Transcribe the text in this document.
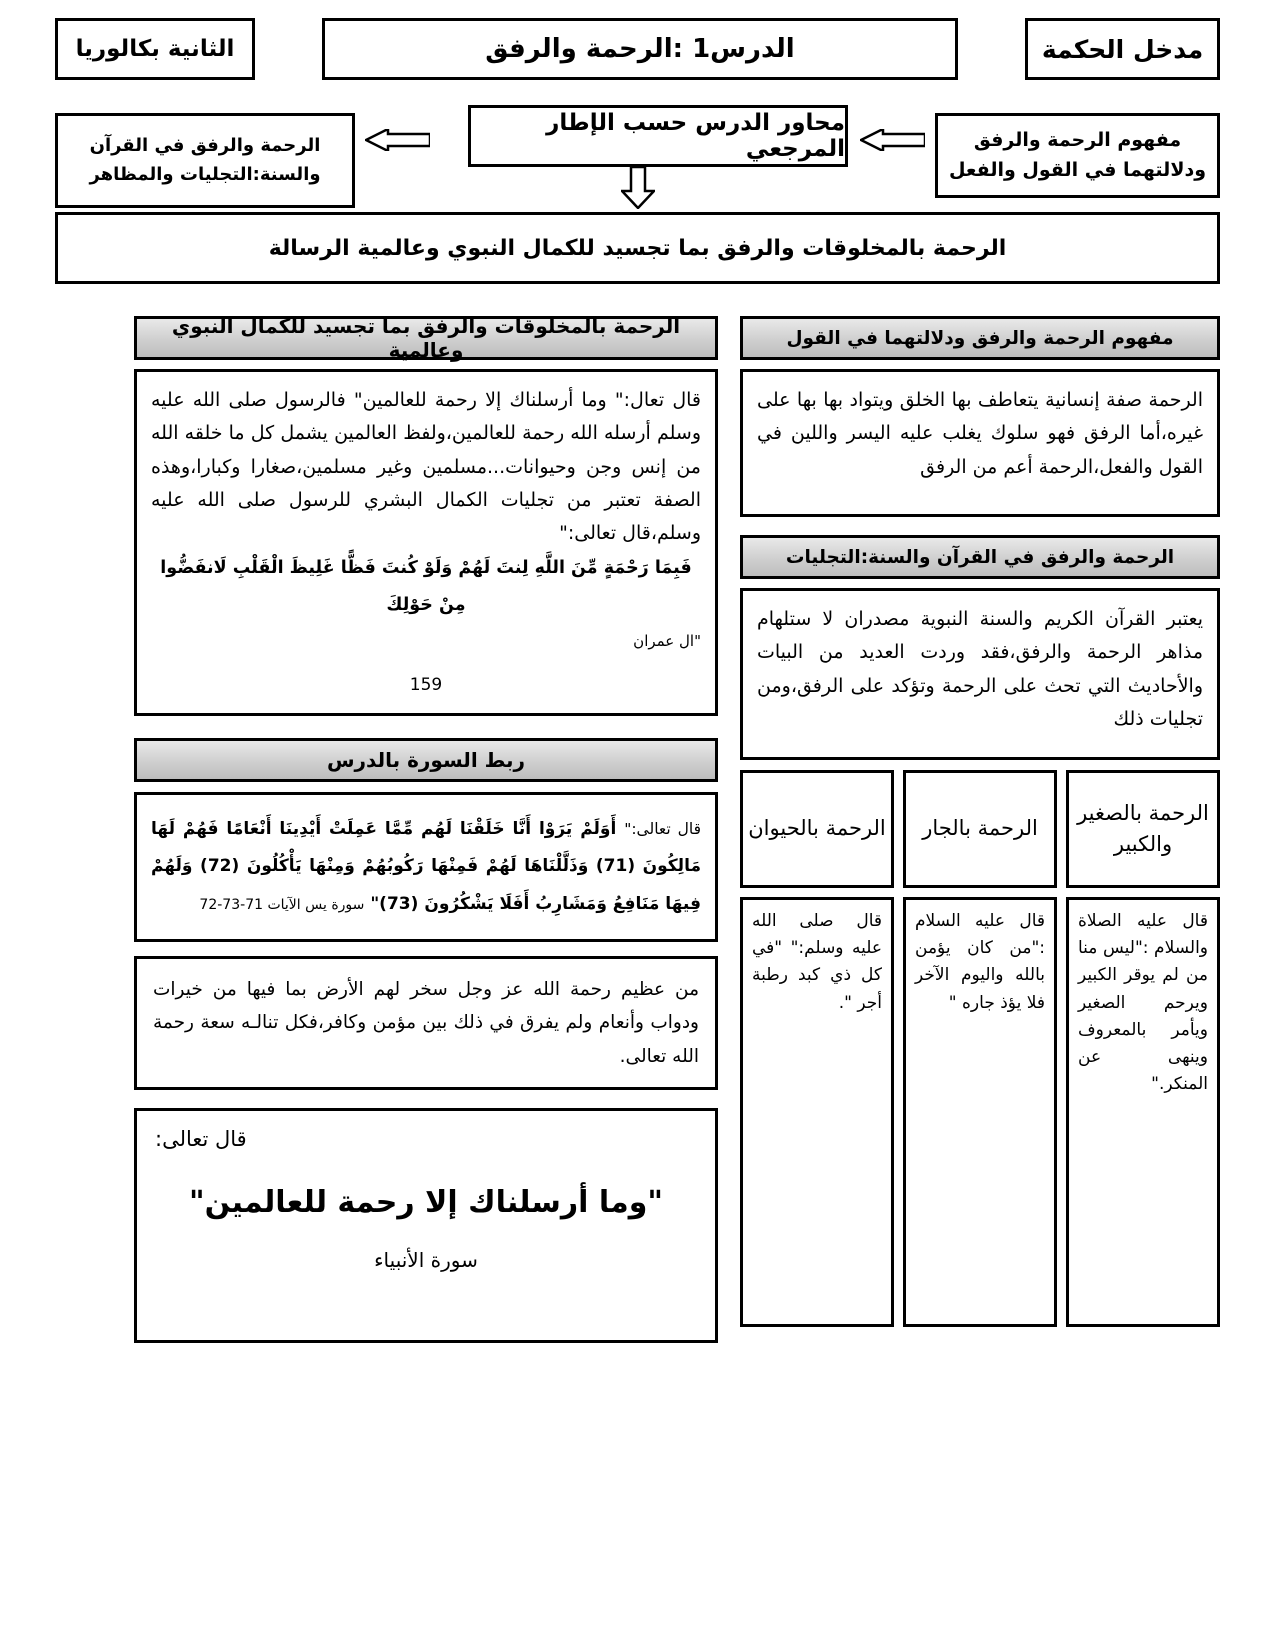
مدخل الحكمة
الدرس1 :الرحمة والرفق
الثانية بكالوريا
محاور الدرس حسب الإطار المرجعي	مفهوم الرحمة والرفق ودلالتهما في القول والفعل
الرحمة والرفق في القرآن والسنة:التجليات والمظاهر
الرحمة بالمخلوقات والرفق بما تجسيد للكمال النبوي وعالمية الرسالة
مفهوم الرحمة والرفق ودلالتهما في القول
الرحمة صفة إنسانية يتعاطف بها الخلق ويتواد بها بها على غيره،أما الرفق فهو سلوك يغلب عليه اليسر واللين في القول والفعل،الرحمة أعم من الرفق
الرحمة والرفق في القرآن والسنة:التجليات
يعتبر القرآن الكريم والسنة النبوية مصدران لا ستلهام مذاهر الرحمة والرفق،فقد وردت العديد من البيات والأحاديث التي تحث على الرحمة وتؤكد على الرفق،ومن تجليات ذلك
الرحمة بالصغير والكبير
قال عليه الصلاة والسلام :"ليس منا من لم يوقر الكبير ويرحم الصغير ويأمر بالمعروف وينهى عن المنكر."
الرحمة بالجار
قال عليه السلام :"من كان يؤمن بالله واليوم الآخر فلا يؤذ جاره "
الرحمة بالحيوان
قال صلى الله عليه وسلم:" "في كل ذي كبد رطبة أجر ".
الرحمة بالمخلوقات والرفق بما تجسيد للكمال النبوي وعالمية
قال تعال:" وما أرسلناك إلا رحمة للعالمين" فالرسول صلى الله عليه وسلم أرسله الله رحمة للعالمين،ولفظ العالمين يشمل كل ما خلقه الله من إنس وجن وحيوانات...مسلمين وغير مسلمين،صغارا وكبارا،وهذه الصفة تعتبر من تجليات الكمال البشري للرسول صلى الله عليه وسلم،قال تعالى:"
فَبِمَا رَحْمَةٍ مِّنَ اللَّهِ لِنتَ لَهُمْ وَلَوْ كُنتَ فَظًّا غَلِيظَ الْقَلْبِ لَانفَضُّوا مِنْ حَوْلِكَ
"ال عمران
159
ربط السورة بالدرس
قال تعالى:" أَوَلَمْ يَرَوْا أَنَّا خَلَقْنَا لَهُم مِّمَّا عَمِلَتْ أَيْدِينَا أَنْعَامًا فَهُمْ لَهَا مَالِكُونَ (71) وَذَلَّلْنَاهَا لَهُمْ فَمِنْهَا رَكُوبُهُمْ وَمِنْهَا يَأْكُلُونَ (72) وَلَهُمْ فِيهَا مَنَافِعُ وَمَشَارِبُ أَفَلَا يَشْكُرُونَ (73)" سورة يس الآيات 71-73-72
من عظيم رحمة الله عز وجل سخر لهم الأرض بما فيها من خيرات ودواب وأنعام ولم يفرق في ذلك بين مؤمن وكافر،فكل تنالـه سعة رحمة الله تعالى.
قال تعالى:
"وما أرسلناك إلا رحمة للعالمين"
سورة الأنبياء
